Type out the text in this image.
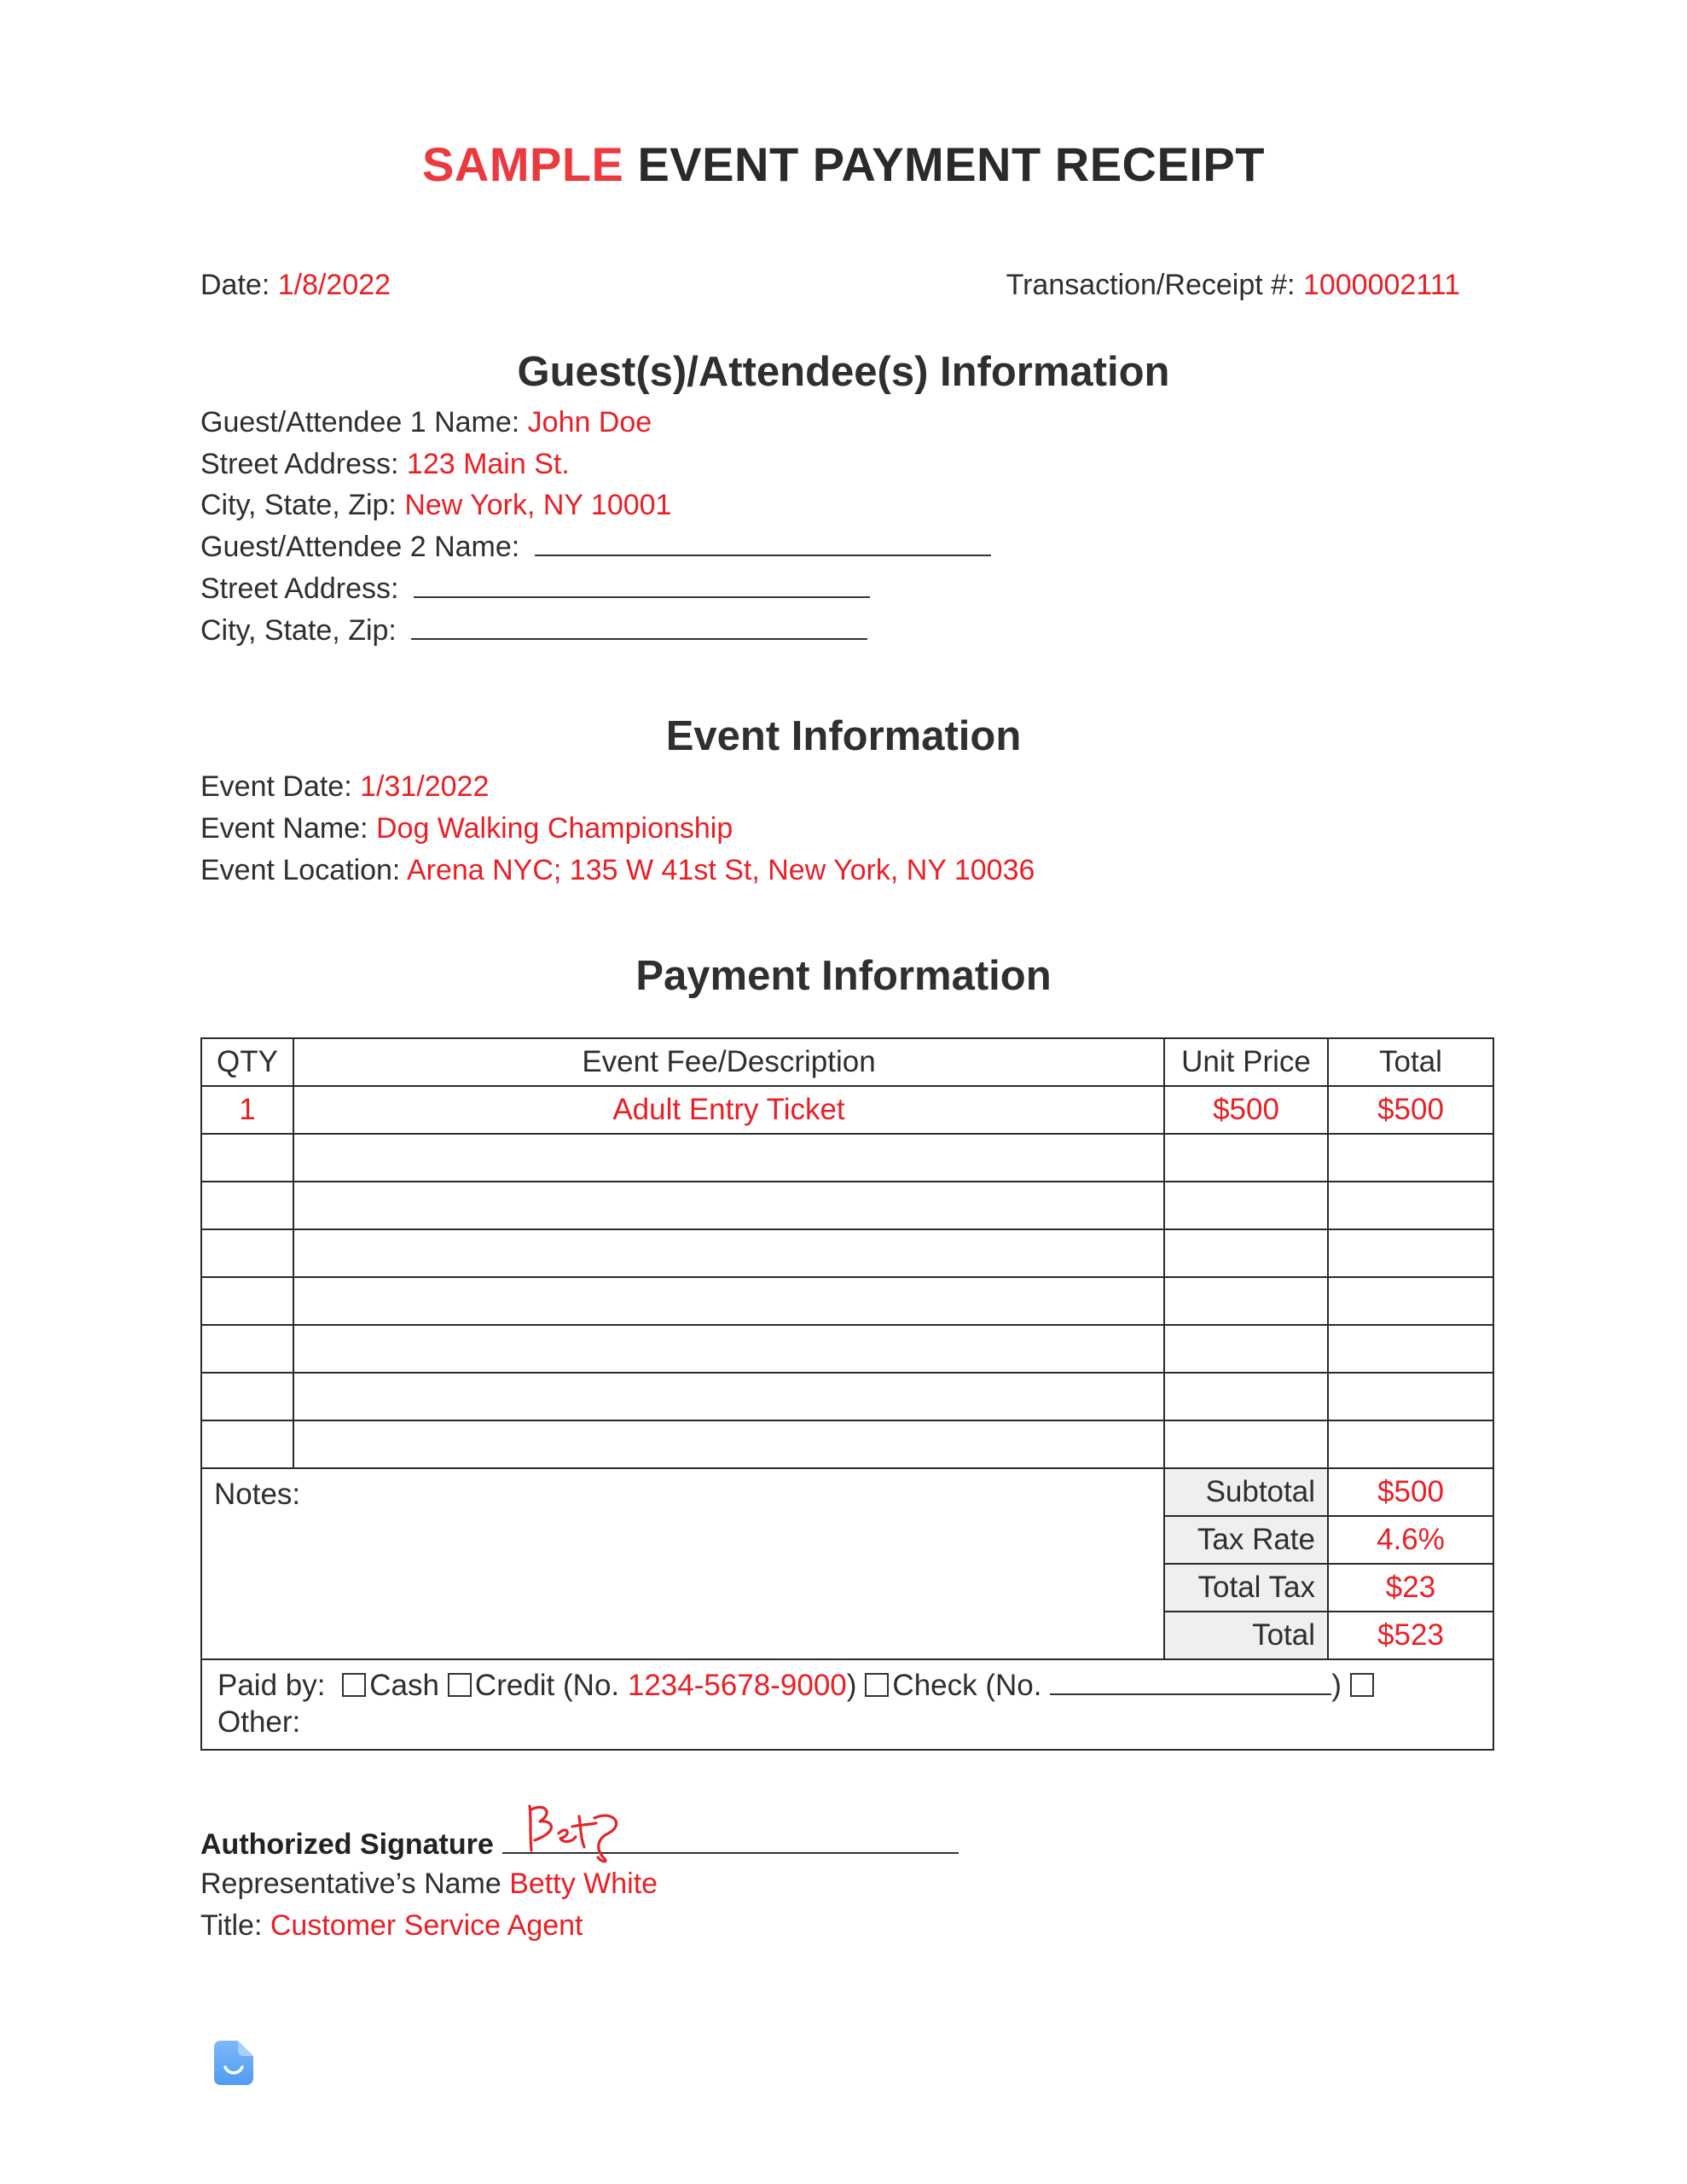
SAMPLE EVENT PAYMENT RECEIPT
Date: 1/8/2022	Transaction/Receipt #: 1000002111
Guest(s)/Attendee(s) Information
Guest/Attendee 1 Name: John Doe
Street Address: 123 Main St.
City, State, Zip: New York, NY 10001
Guest/Attendee 2 Name:
Street Address:
City, State, Zip:
Event Information
Event Date: 1/31/2022
Event Name: Dog Walking Championship
Event Location: Arena NYC; 135 W 41st St, New York, NY 10036
Payment Information
QTY	Event Fee/Description	Unit Price	Total
1	Adult Entry Ticket	$500	$500

Notes:		Subtotal	$500
		Tax Rate	4.6%
		Total Tax	$23
		Total	$523
Paid by: Cash Credit (No. 1234-5678-9000) Check (No. )
Other:			
Authorized Signature
Representative’s Name Betty White
Title: Customer Service Agent
